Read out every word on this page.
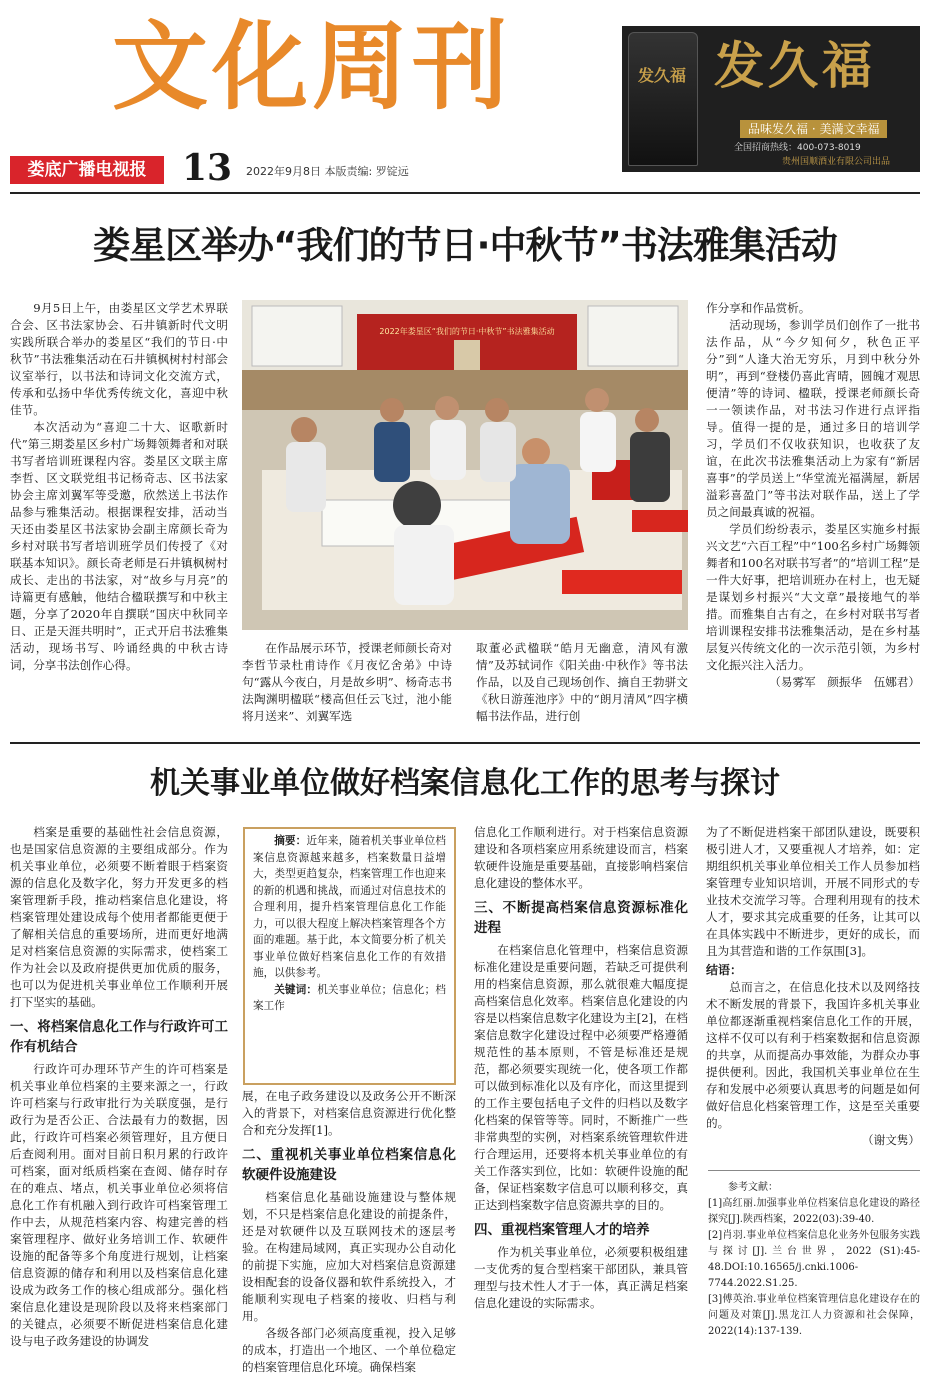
文化周刊	发久福 发久福
品味发久福 · 美满文幸福
全国招商热线：400-073-8019
贵州国顺酒业有限公司出品
娄底广播电视报 13 2022年9月8日 本版责编: 罗锭远
娄星区举办“我们的节日·中秋节”书法雅集活动

9月5日上午，由娄星区文学艺术界联合会、区书法家协会、石井镇新时代文明实践所联合举办的娄星区“我们的节日·中秋节”书法雅集活动在石井镇枫树村村部会议室举行，以书法和诗词文化交流方式，传承和弘扬中华优秀传统文化，喜迎中秋佳节。

本次活动为“喜迎二十大、讴歌新时代”第三期娄星区乡村广场舞领舞者和对联书写者培训班课程内容。娄星区文联主席李哲、区文联党组书记杨奇志、区书法家协会主席刘翼军等受邀，欣然送上书法作品参与雅集活动。根据课程安排，活动当天还由娄星区书法家协会副主席颜长奇为乡村对联书写者培训班学员们传授了《对联基本知识》。颜长奇老师是石井镇枫树村成长、走出的书法家，对“故乡与月亮”的诗篇更有感触，他结合楹联撰写和中秋主题，分享了2020年自撰联“国庆中秋同辛日、正是天涯共明时”，正式开启书法雅集活动，现场书写、吟诵经典的中秋古诗词，分享书法创作心得。

2022年娄星区“我们的节日·中秋节”书法雅集活动

在作品展示环节，授课老师颜长奇对李哲节录杜甫诗作《月夜忆舍弟》中诗句“露从今夜白，月是故乡明”、杨奇志书法陶渊明楹联“楼高但任云飞过，池小能将月送来”、刘翼军选

取董必武楹联“皓月无幽意，清风有激情”及苏轼词作《阳关曲·中秋作》等书法作品，以及自己现场创作、摘自王勃骈文《秋日游莲池序》中的“朗月清风”四字横幅书法作品，进行创

作分享和作品赏析。

活动现场，参训学员们创作了一批书法作品，从“今夕知何夕，秋色正平分”到“人逢大治无穷乐，月到中秋分外明”，再到“登楼仍喜此宵晴，圆魄才观思便清”等的诗词、楹联，授课老师颜长奇一一领读作品，对书法习作进行点评指导。值得一提的是，通过多日的培训学习，学员们不仅收获知识，也收获了友谊，在此次书法雅集活动上为家有“新居喜事”的学员送上“华堂流光福满屋，新居溢彩喜盈门”等书法对联作品，送上了学员之间最真诚的祝福。

学员们纷纷表示，娄星区实施乡村振兴文艺“六百工程”中“100名乡村广场舞领舞者和100名对联书写者”的“培训工程”是一件大好事，把培训班办在村上，也无疑是谋划乡村振兴“大文章”最接地气的举措。而雅集自古有之，在乡村对联书写者培训课程安排书法雅集活动，是在乡村基层复兴传统文化的一次示范引领，为乡村文化振兴注入活力。

（易雾军　颜振华　伍娜君）

机关事业单位做好档案信息化工作的思考与探讨

档案是重要的基础性社会信息资源，也是国家信息资源的主要组成部分。作为机关事业单位，必须要不断着眼于档案资源的信息化及数字化，努力开发更多的档案管理新手段，推动档案信息化建设，将档案管理处建设成每个使用者都能更便于了解相关信息的重要场所，进而更好地满足对档案信息资源的实际需求，使档案工作为社会以及政府提供更加优质的服务，也可以为促进机关事业单位工作顺利开展打下坚实的基础。

一、将档案信息化工作与行政许可工作有机结合

行政许可办理环节产生的许可档案是机关事业单位档案的主要来源之一，行政许可档案与行政审批行为关联度强，是行政行为是否公正、合法最有力的数据，因此，行政许可档案必须管理好，且方便日后查阅利用。面对目前日积月累的行政许可档案，面对纸质档案在查阅、储存时存在的难点、堵点，机关事业单位必须将信息化工作有机融入到行政许可档案管理工作中去，从规范档案内容、构建完善的档案管理程序、做好业务培训工作、软硬件设施的配备等多个角度进行规划，让档案信息资源的储存和利用以及档案信息化建设成为政务工作的核心组成部分。强化档案信息化建设是现阶段以及将来档案部门的关键点，必须要不断促进档案信息化建设与电子政务建设的协调发

摘要：近年来，随着机关事业单位档案信息资源越来越多，档案数量日益增大，类型更趋复杂，档案管理工作也迎来的新的机遇和挑战，而通过对信息技术的合理利用，提升档案管理信息化工作能力，可以很大程度上解决档案管理各个方面的难题。基于此，本文简要分析了机关事业单位做好档案信息化工作的有效措施，以供参考。

关键词：机关事业单位；信息化；档案工作

展，在电子政务建设以及政务公开不断深入的背景下，对档案信息资源进行优化整合和充分发挥[1]。

二、重视机关事业单位档案信息化软硬件设施建设

档案信息化基础设施建设与整体规划，不只是档案信息化建设的前提条件，还是对软硬件以及互联网技术的逐层考验。在构建局域网，真正实现办公自动化的前提下实施，应加大对档案信息资源建设相配套的设备仪器和软件系统投入，才能顺利实现电子档案的接收、归档与利用。

各级各部门必须高度重视，投入足够的成本，打造出一个地区、一个单位稳定的档案管理信息化环境。确保档案

信息化工作顺利进行。对于档案信息资源建设和各项档案应用系统建设而言，档案软硬件设施是重要基础，直接影响档案信息化建设的整体水平。

三、不断提高档案信息资源标准化进程

在档案信息化管理中，档案信息资源标准化建设是重要问题，若缺乏可提供利用的档案信息资源，那么就很难大幅度提高档案信息化效率。档案信息化建设的内容是以档案信息数字化建设为主[2]，在档案信息数字化建设过程中必须要严格遵循规范性的基本原则，不管是标准还是规范，都必须要实现统一化，使各项工作都可以做到标准化以及有序化，而这里提到的工作主要包括电子文件的归档以及数字化档案的保管等等。同时，不断推广一些非常典型的实例，对档案系统管理软件进行合理运用，还要将本机关事业单位的有关工作落实到位，比如：软硬件设施的配备，保证档案数字信息可以顺利移交，真正达到档案数字信息资源共享的目的。

四、重视档案管理人才的培养

作为机关事业单位，必须要积极组建一支优秀的复合型档案干部团队，兼具管理型与技术性人才于一体，真正满足档案信息化建设的实际需求。

为了不断促进档案干部团队建设，既要积极引进人才，又要重视人才培养，如：定期组织机关事业单位相关工作人员参加档案管理专业知识培训，开展不同形式的专业技术交流学习等。合理利用现有的技术人才，要求其完成重要的任务，让其可以在具体实践中不断进步，更好的成长，而且为其营造和谐的工作氛围[3]。

结语：

总而言之，在信息化技术以及网络技术不断发展的背景下，我国许多机关事业单位都逐渐重视档案信息化工作的开展，这样不仅可以有利于档案数据和信息资源的共享，从而提高办事效能，为群众办事提供便利。因此，我国机关事业单位在生存和发展中必须要认真思考的问题是如何做好信息化档案管理工作，这是至关重要的。

（谢文隽）

参考文献：

[1]高红丽.加强事业单位档案信息化建设的路径探究[J].陕西档案，2022(03):39-40.

[2]肖羽.事业单位档案信息化业务外包服务实践与探讨[J].兰台世界，2022 (S1):45-48.DOI:10.16565/j.cnki.1006-7744.2022.S1.25.

[3]傅英治.事业单位档案管理信息化建设存在的问题及对策[J].黑龙江人力资源和社会保障，2022(14):137-139.
